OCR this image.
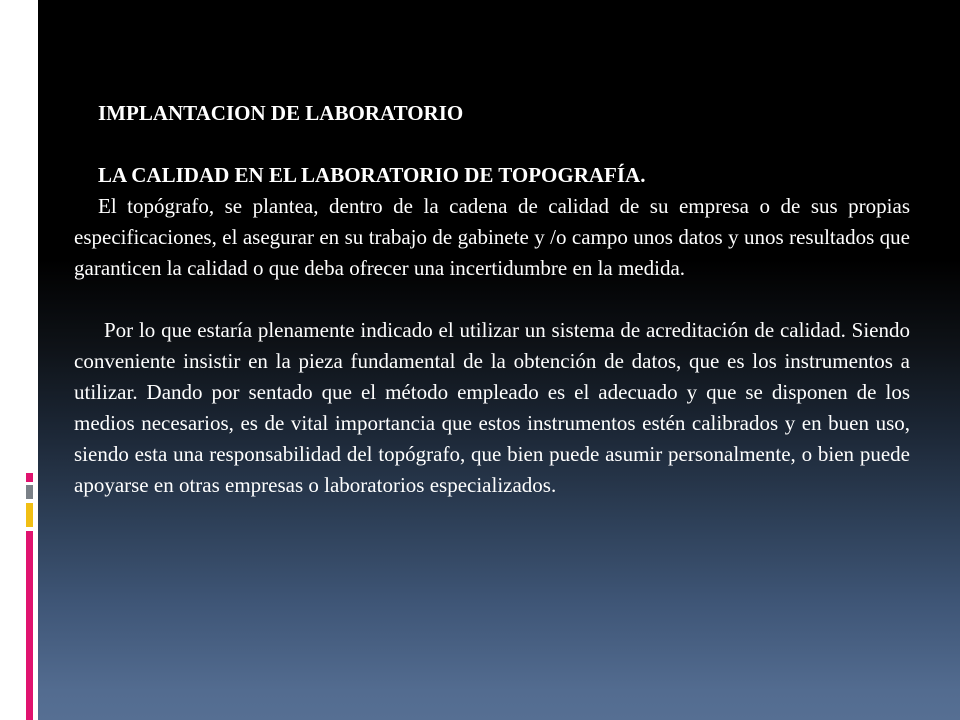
IMPLANTACION DE LABORATORIO

LA CALIDAD EN EL LABORATORIO DE TOPOGRAFÍA.

El topógrafo, se plantea, dentro de la cadena de calidad de su empresa o de sus propias especificaciones, el asegurar en su trabajo de gabinete y /o campo unos datos y unos resultados que garanticen la calidad o que deba ofrecer una incertidumbre en la medida.

Por lo que estaría plenamente indicado el utilizar un sistema de acreditación de calidad. Siendo conveniente insistir en la pieza fundamental de la obtención de datos, que es los instrumentos a utilizar. Dando por sentado que el método empleado es el adecuado y que se disponen de los medios necesarios, es de vital importancia que estos instrumentos estén calibrados y en buen uso, siendo esta una responsabilidad del topógrafo, que bien puede asumir personalmente, o bien puede apoyarse en otras empresas o laboratorios especializados.
